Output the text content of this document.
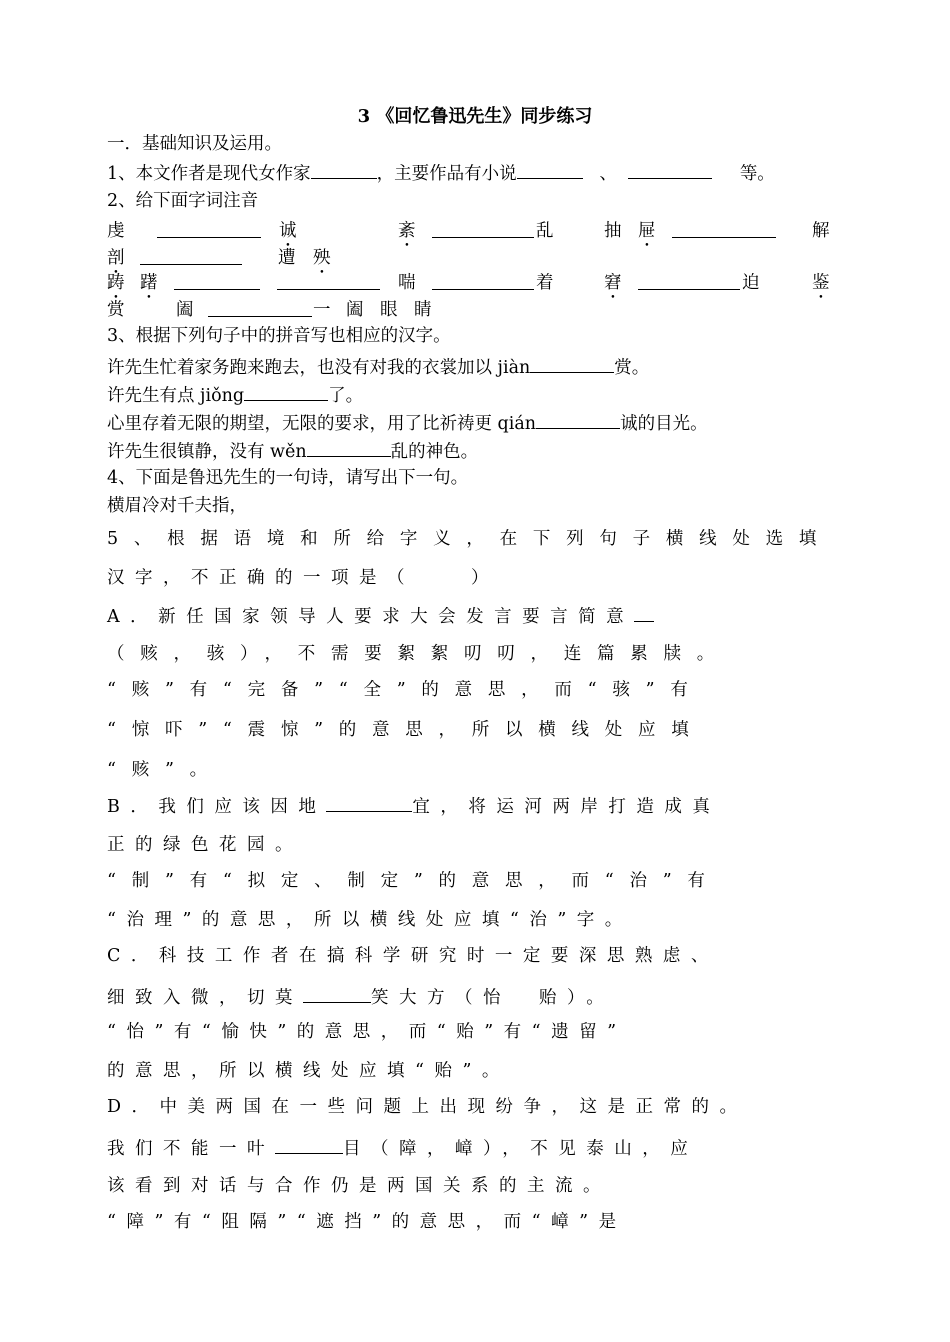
3 《回忆鲁迅先生》同步练习
一．基础知识及运用。
1、本文作者是现代女作家	，主要作品有小说	、	等。
2、给下面字词注音
虔	诚	紊	乱	抽 屉	解
剖	遭 殃
踌 躇	喘	着	窘	迫	鉴
赏	阖	一 阖 眼 睛
3、根据下列句子中的拼音写也相应的汉字。
许先生忙着家务跑来跑去，也没有对我的衣裳加以 jiàn	赏。
许先生有点 jiǒng	了。
心里存着无限的期望，无限的要求，用了比祈祷更 qián	诚的目光。
许先生很镇静，没有 wěn	乱的神色。
4、下面是鲁迅先生的一句诗，请写出下一句。
横眉冷对千夫指，
5、根据语境和所给字义，在下列句子横线处选填
汉字，不正确的一项是（　　）
A．新任国家领导人要求大会发言要言简意
（赅，骇），不需要絮絮叨叨，连篇累牍。
“赅”有“完备”“全”的意思，而“骇”有
“惊吓”“震惊”的意思，所以横线处应填
“赅”。
B．我们应该因地	宜，将运河两岸打造成真
正的绿色花园。
“制”有“拟定、制定”的意思，而“治”有
“治理”的意思，所以横线处应填“治”字。
C．科技工作者在搞科学研究时一定要深思熟虑、
细致入微，切莫	笑大方（怡　贻）。
“怡”有“愉快”的意思，而“贻”有“遗留”
的意思，所以横线处应填“贻”。
D．中美两国在一些问题上出现纷争，这是正常的。
我们不能一叶	目（障，嶂），不见泰山，应
该看到对话与合作仍是两国关系的主流。
“障”有“阻隔”“遮挡”的意思，而“嶂”是
